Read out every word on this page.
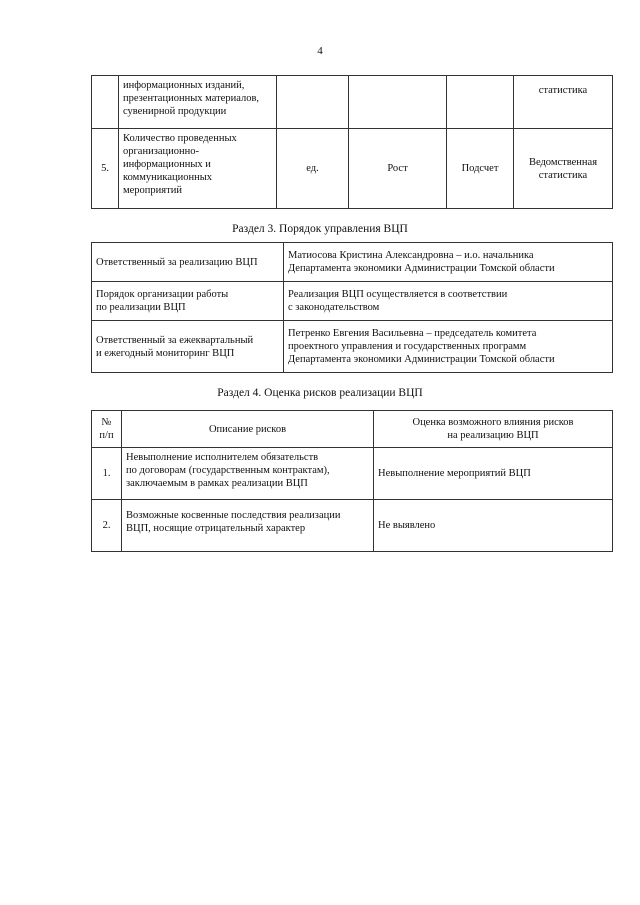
4
	информационных изданий,
презентационных материалов,
сувенирной продукции				статистика
5.	Количество проведенных
организационно-
информационных и
коммуникационных
мероприятий	ед.	Рост	Подсчет	Ведомственная
статистика
Раздел 3. Порядок управления ВЦП
Ответственный за реализацию ВЦП	Матиосова Кристина Александровна – и.о. начальника
Департамента экономики Администрации Томской области
Порядок организации работы
по реализации ВЦП	Реализация ВЦП осуществляется в соответствии
с законодательством
Ответственный за ежеквартальный
и ежегодный мониторинг ВЦП	Петренко Евгения Васильевна – председатель комитета
проектного управления и государственных программ
Департамента экономики Администрации Томской области
Раздел 4. Оценка рисков реализации ВЦП
№
п/п	Описание рисков	Оценка возможного влияния рисков
на реализацию ВЦП
1.	Невыполнение исполнителем обязательств
по договорам (государственным контрактам),
заключаемым в рамках реализации ВЦП	Невыполнение мероприятий ВЦП
2.	Возможные косвенные последствия реализации
ВЦП, носящие отрицательный характер	Не выявлено
